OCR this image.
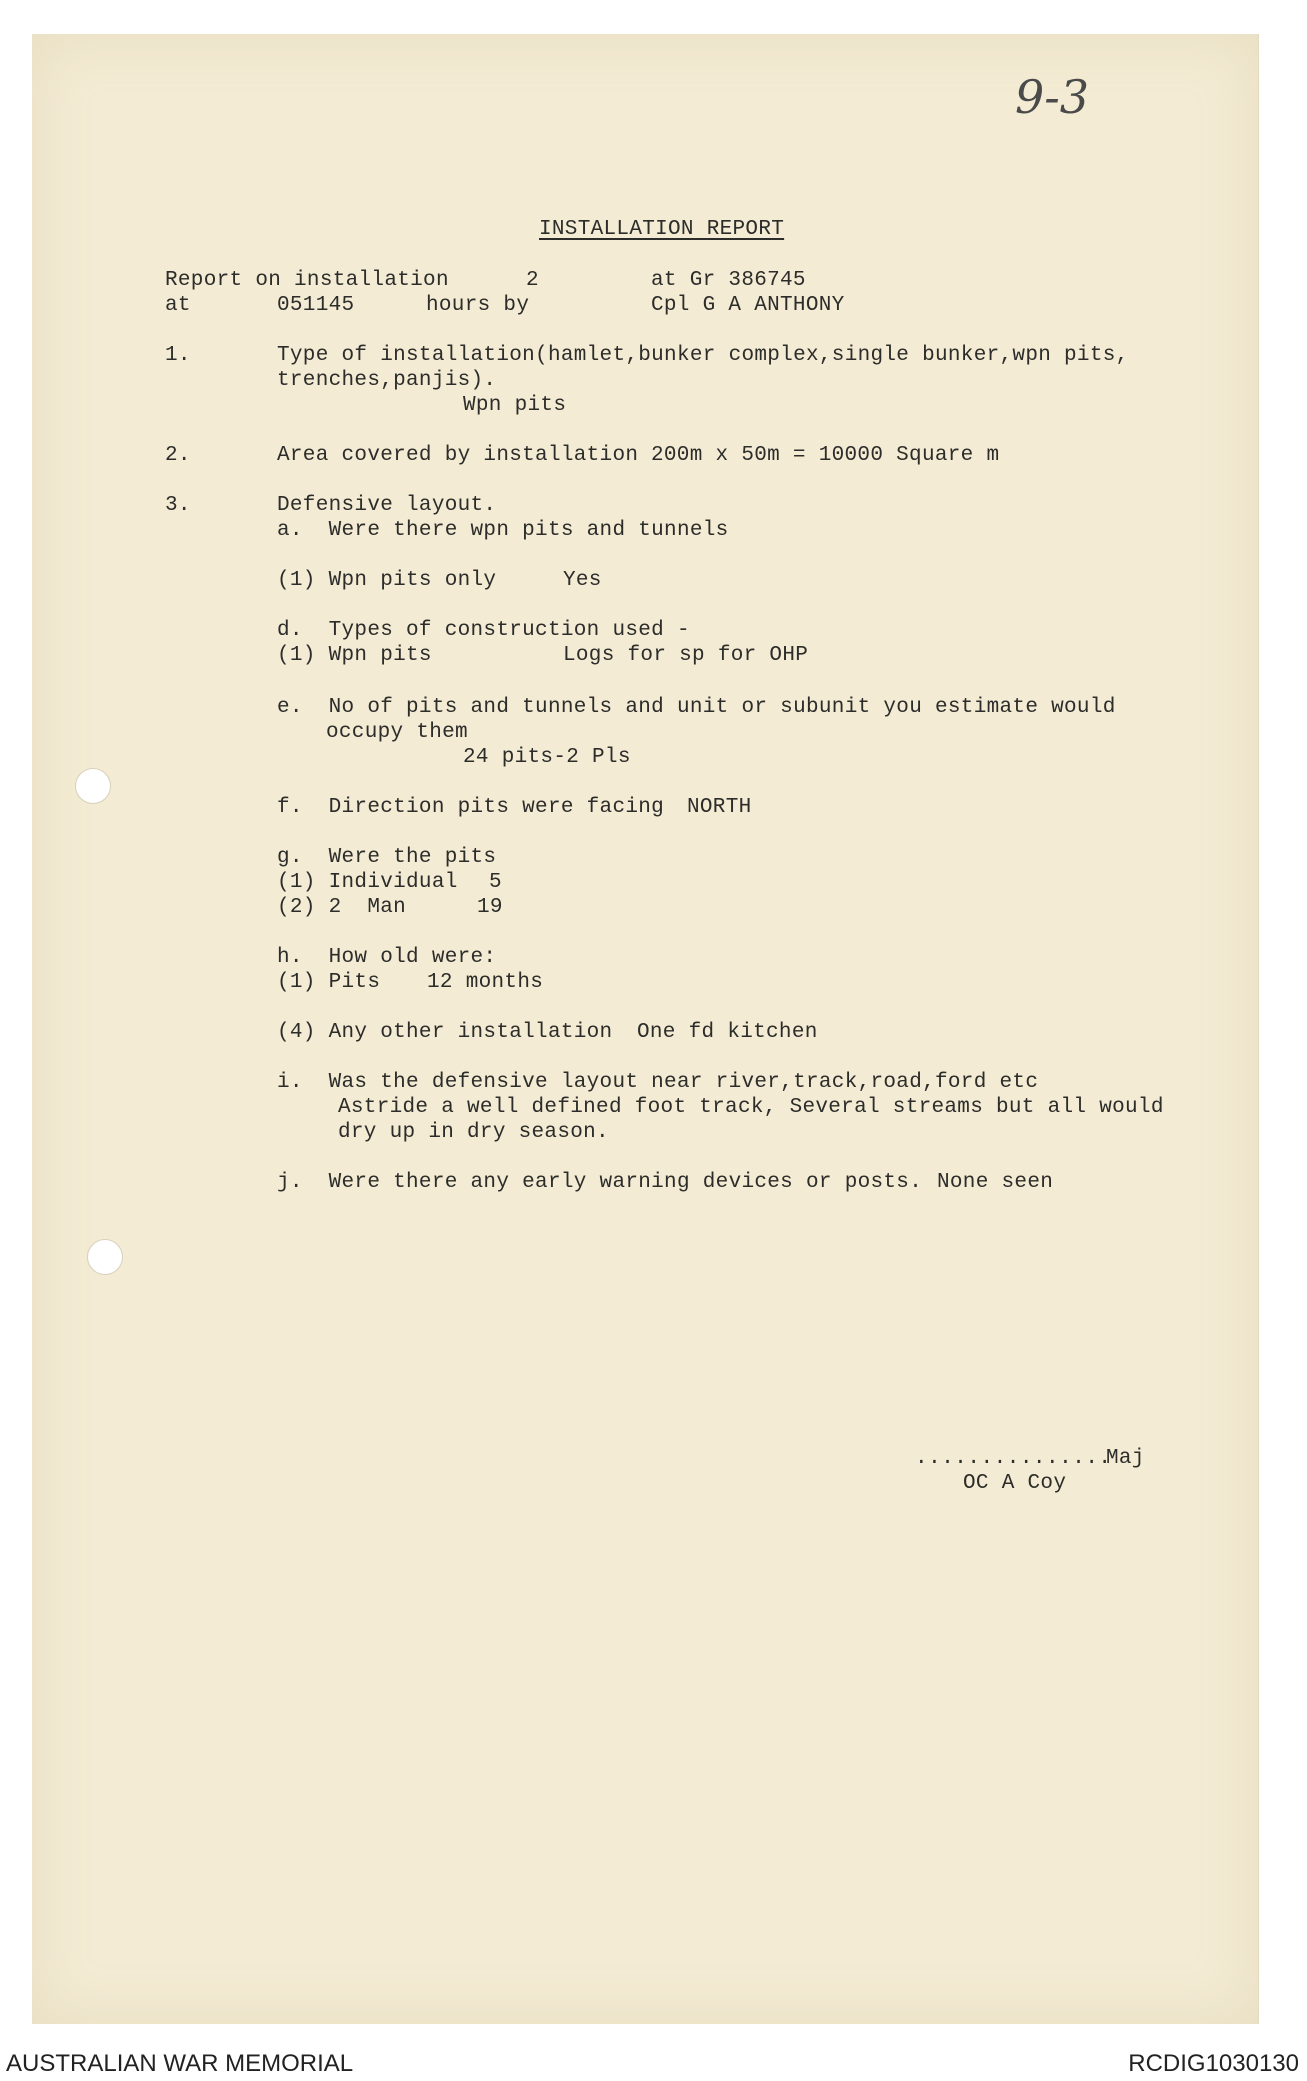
9-3
INSTALLATION REPORT
Report on installation	2	at Gr 386745
at	051145	hours by	Cpl G A ANTHONY
1.	Type of installation(hamlet,bunker complex,single bunker,wpn pits,
trenches,panjis).
Wpn pits
2.	Area covered by installation 200m x 50m = 10000 Square m
3.	Defensive layout.
a.  Were there wpn pits and tunnels
(1) Wpn pits only	Yes
d.  Types of construction used -
(1) Wpn pits	Logs for sp for OHP
e.  No of pits and tunnels and unit or subunit you estimate would
occupy them
24 pits-2 Pls
f.  Direction pits were facing NORTH
g.  Were the pits
(1) Individual 5
(2) 2  Man	19
h.  How old were:
(1) Pits 12 months
(4) Any other installation One fd kitchen
i.  Was the defensive layout near river,track,road,ford etc
Astride a well defined foot track, Several streams but all would
dry up in dry season.
j.  Were there any early warning devices or posts. None seen
...............
Maj
OC A Coy
AUSTRALIAN WAR MEMORIAL	RCDIG1030130
